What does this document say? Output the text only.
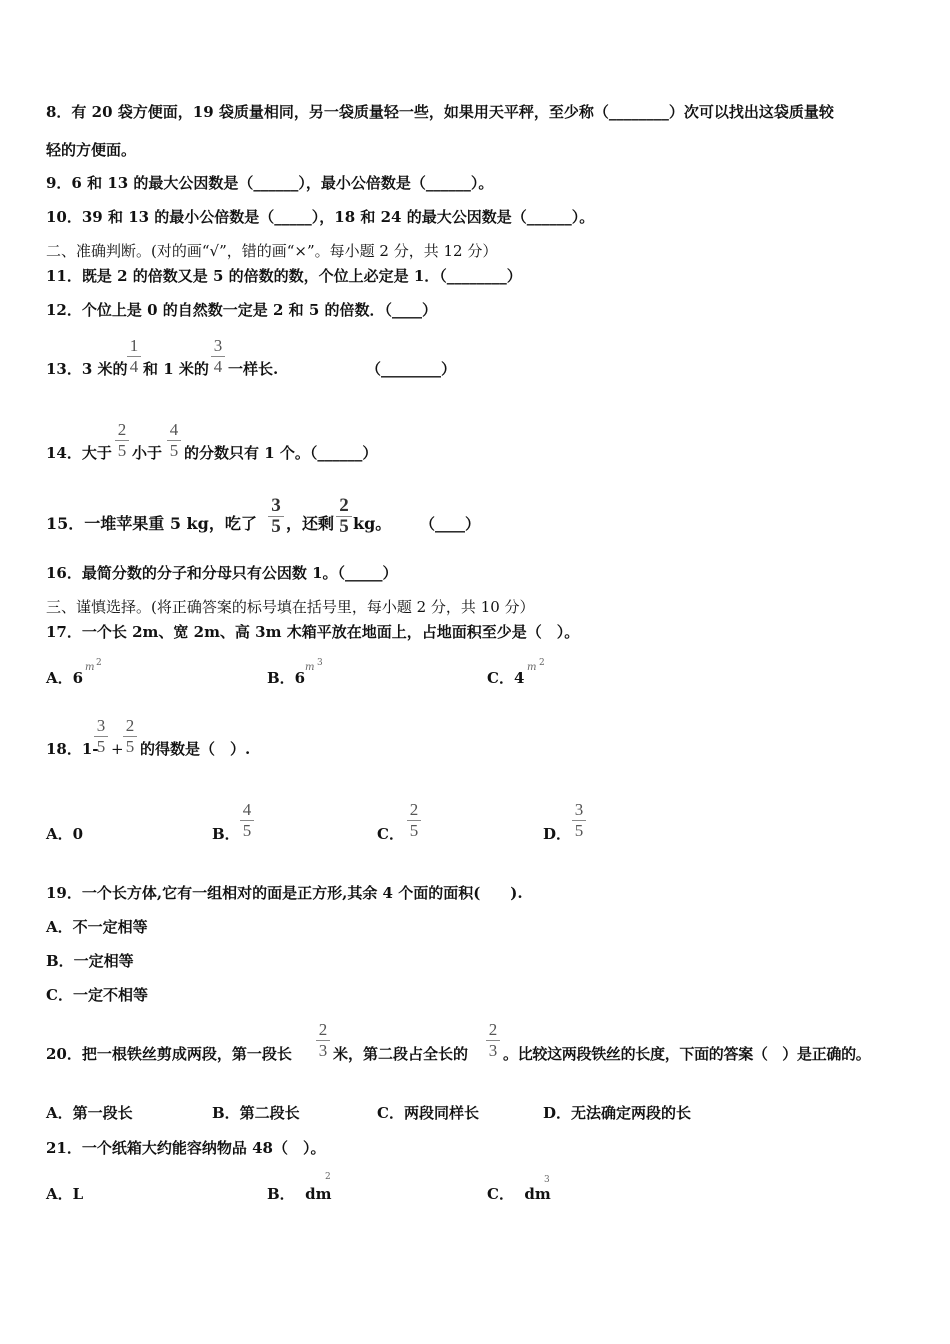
8．有 20 袋方便面，19 袋质量相同，另一袋质量轻一些，如果用天平秤，至少称（________）次可以找出这袋质量较
轻的方便面。
9．6 和 13 的最大公因数是（______），最小公倍数是（______）。
10．39 和 13 的最小公倍数是（_____），18 和 24 的最大公因数是（______）。
二、准确判断。(对的画“√”，错的画“×”。每小题 2 分，共 12 分）
11．既是 2 的倍数又是 5 的倍数的数，个位上必定是 1．（________）
12．个位上是 0 的自然数一定是 2 和 5 的倍数．（____）
13．3 米的 $\frac{1}{4}$ 和 1 米的 $\frac{3}{4}$ 一样长.	（________）
14．大于 $\frac{2}{5}$ 小于 $\frac{4}{5}$ 的分数只有 1 个。（______）
15．一堆苹果重 5 kg，吃了 $\frac{3}{5}$ ，还剩 $\frac{2}{5}$ kg。 （____）
16．最简分数的分子和分母只有公因数 1。（_____）
三、谨慎选择。(将正确答案的标号填在括号里，每小题 2 分，共 10 分）
17．一个长 2m、宽 2m、高 3m 木箱平放在地面上，占地面积至少是（　）。
A．6
m 2
B．6
m 3
C．4
m 2
18．1-
$\frac{3}{5} + \frac{2}{5}$ 的得数是（　）.
A．0	B． $\frac{4}{5}$	C． $\frac{2}{5}$	D． $\frac{3}{5}$
19．一个长方体,它有一组相对的面是正方形,其余 4 个面的面积(　　).
A．不一定相等
B．一定相等
C．一定不相等
20．把一根铁丝剪成两段，第一段长 $\frac{2}{3}$ 米，第二段占全长的 $\frac{2}{3}$ 。比较这两段铁丝的长度，下面的答案（　）是正确的。
A．第一段长	B．第二段长	C．两段同样长	D．无法确定两段的长
21．一个纸箱大约能容纳物品 48（　）。
A．L	B．  dm
2
C．  dm
3
